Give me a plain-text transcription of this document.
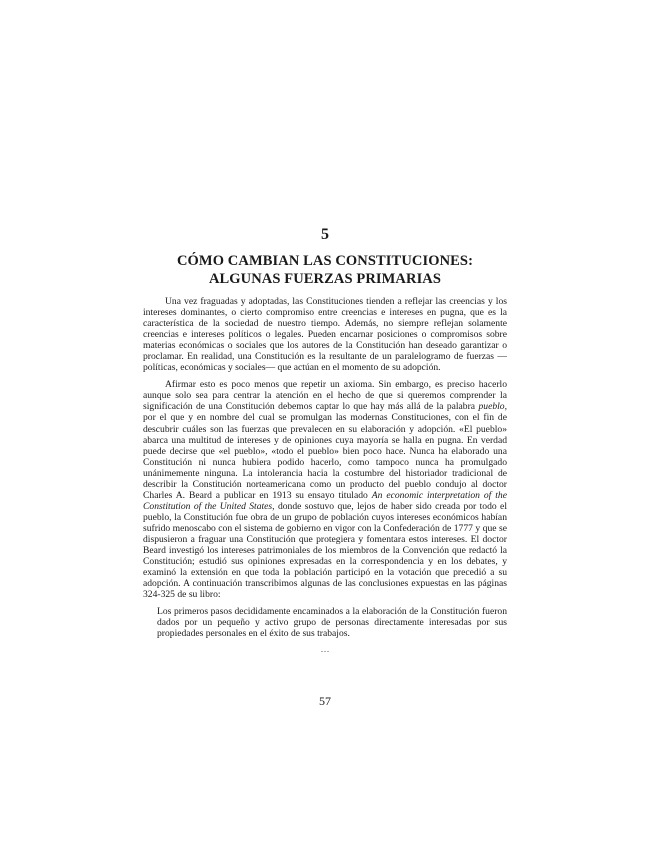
5
CÓMO CAMBIAN LAS CONSTITUCIONES:
ALGUNAS FUERZAS PRIMARIAS

Una vez fraguadas y adoptadas, las Constituciones tienden a reflejar las creencias y los intereses dominantes, o cierto compromiso entre creencias e intereses en pugna, que es la característica de la sociedad de nuestro tiempo. Además, no siempre reflejan solamente creencias e intereses políticos o legales. Pueden encarnar posiciones o compromisos sobre materias económicas o sociales que los autores de la Constitución han deseado garantizar o proclamar. En realidad, una Constitución es la resultante de un paralelogramo de fuerzas —políticas, económicas y sociales— que actúan en el momento de su adopción.

Afirmar esto es poco menos que repetir un axioma. Sin embargo, es preciso hacerlo aunque solo sea para centrar la atención en el hecho de que si queremos comprender la significación de una Constitución debemos captar lo que hay más allá de la palabra pueblo, por el que y en nombre del cual se promulgan las modernas Constituciones, con el fin de descubrir cuáles son las fuerzas que prevalecen en su elaboración y adopción. «El pueblo» abarca una multitud de intereses y de opiniones cuya mayoría se halla en pugna. En verdad puede decirse que «el pueblo», «todo el pueblo» bien poco hace. Nunca ha elaborado una Constitución ni nunca hubiera podido hacerlo, como tampoco nunca ha promulgado unánimemente ninguna. La intolerancia hacia la costumbre del historiador tradicional de describir la Constitución norteamericana como un producto del pueblo condujo al doctor Charles A. Beard a publicar en 1913 su ensayo titulado An economic interpretation of the Constitution of the United States, donde sostuvo que, lejos de haber sido creada por todo el pueblo, la Constitución fue obra de un grupo de población cuyos intereses económicos habían sufrido menoscabo con el sistema de gobierno en vigor con la Confederación de 1777 y que se dispusieron a fraguar una Constitución que protegiera y fomentara estos intereses. El doctor Beard investigó los intereses patrimoniales de los miembros de la Convención que redactó la Constitución; estudió sus opiniones expresadas en la correspondencia y en los debates, y examinó la extensión en que toda la población participó en la votación que precedió a su adopción. A continuación transcribimos algunas de las conclusiones expuestas en las páginas 324-325 de su libro:

Los primeros pasos decididamente encaminados a la elaboración de la Constitución fueron dados por un pequeño y activo grupo de personas directamente interesadas por sus propiedades personales en el éxito de sus trabajos.
…
57
